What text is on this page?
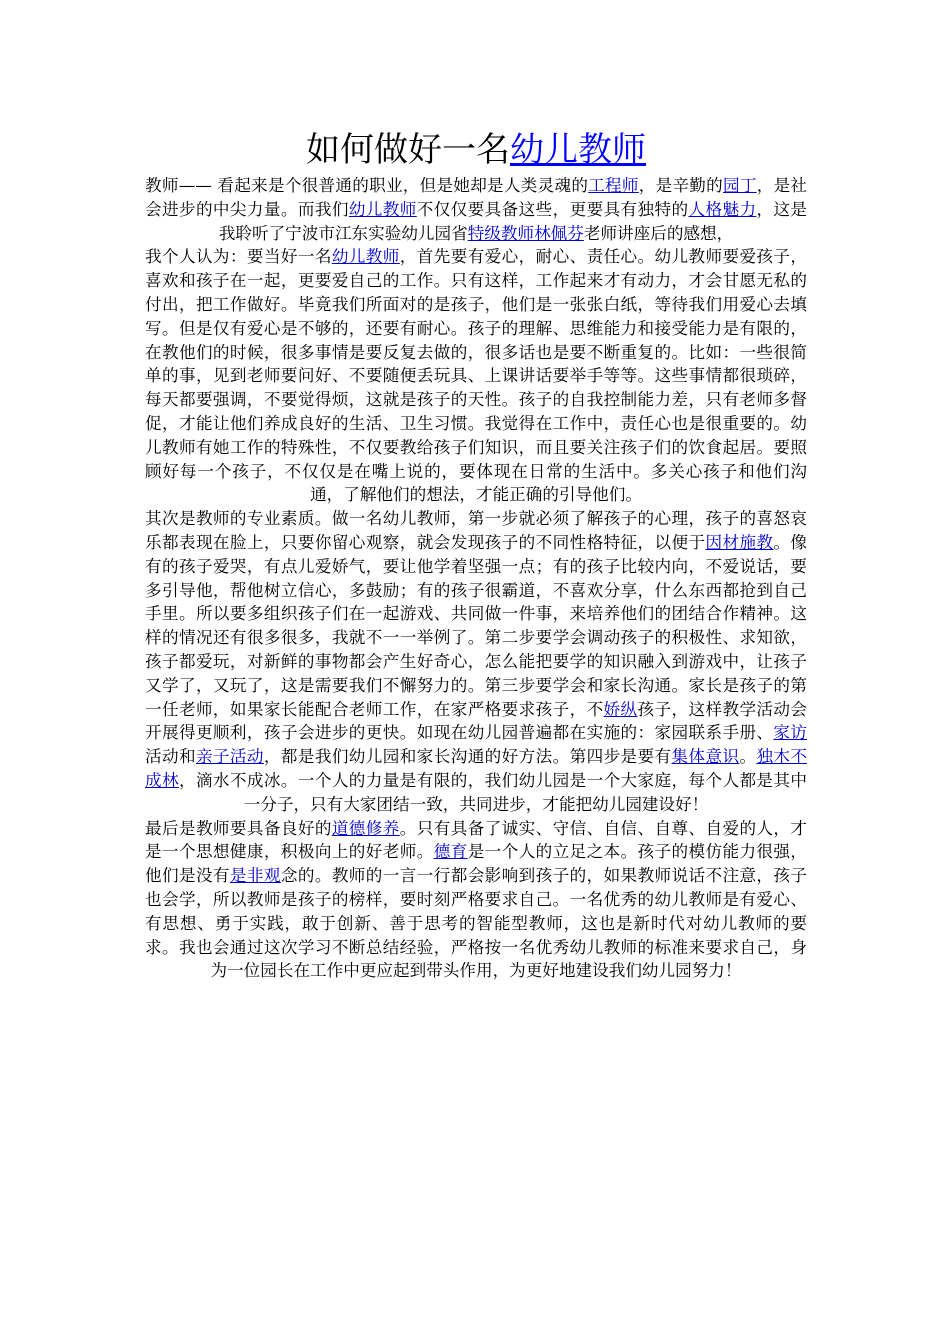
如何做好一名幼儿教师

教师—— 看起来是个很普通的职业，但是她却是人类灵魂的工程师，是辛勤的园丁，是社会进步的中尖力量。而我们幼儿教师不仅仅要具备这些，更要具有独特的人格魅力，这是我聆听了宁波市江东实验幼儿园省特级教师林佩芬老师讲座后的感想，

我个人认为：要当好一名幼儿教师，首先要有爱心，耐心、责任心。幼儿教师要爱孩子，喜欢和孩子在一起，更要爱自己的工作。只有这样，工作起来才有动力，才会甘愿无私的付出，把工作做好。毕竟我们所面对的是孩子，他们是一张张白纸，等待我们用爱心去填写。但是仅有爱心是不够的，还要有耐心。孩子的理解、思维能力和接受能力是有限的，在教他们的时候，很多事情是要反复去做的，很多话也是要不断重复的。比如：一些很简单的事，见到老师要问好、不要随便丢玩具、上课讲话要举手等等。这些事情都很琐碎，每天都要强调，不要觉得烦，这就是孩子的天性。孩子的自我控制能力差，只有老师多督促，才能让他们养成良好的生活、卫生习惯。我觉得在工作中，责任心也是很重要的。幼儿教师有她工作的特殊性，不仅要教给孩子们知识，而且要关注孩子们的饮食起居。要照顾好每一个孩子，不仅仅是在嘴上说的，要体现在日常的生活中。多关心孩子和他们沟通，了解他们的想法，才能正确的引导他们。

其次是教师的专业素质。做一名幼儿教师，第一步就必须了解孩子的心理，孩子的喜怒哀乐都表现在脸上，只要你留心观察，就会发现孩子的不同性格特征，以便于因材施教。像有的孩子爱哭，有点儿爱娇气，要让他学着坚强一点；有的孩子比较内向，不爱说话，要多引导他，帮他树立信心，多鼓励；有的孩子很霸道，不喜欢分享，什么东西都抢到自己手里。所以要多组织孩子们在一起游戏、共同做一件事，来培养他们的团结合作精神。这样的情况还有很多很多，我就不一一举例了。第二步要学会调动孩子的积极性、求知欲，孩子都爱玩，对新鲜的事物都会产生好奇心，怎么能把要学的知识融入到游戏中，让孩子又学了，又玩了，这是需要我们不懈努力的。第三步要学会和家长沟通。家长是孩子的第一任老师，如果家长能配合老师工作，在家严格要求孩子，不娇纵孩子，这样教学活动会开展得更顺利，孩子会进步的更快。如现在幼儿园普遍都在实施的：家园联系手册、家访活动和亲子活动，都是我们幼儿园和家长沟通的好方法。第四步是要有集体意识。独木不成林，滴水不成冰。一个人的力量是有限的，我们幼儿园是一个大家庭，每个人都是其中一分子，只有大家团结一致，共同进步，才能把幼儿园建设好！

最后是教师要具备良好的道德修养。只有具备了诚实、守信、自信、自尊、自爱的人，才是一个思想健康，积极向上的好老师。德育是一个人的立足之本。孩子的模仿能力很强，他们是没有是非观念的。教师的一言一行都会影响到孩子的，如果教师说话不注意，孩子也会学，所以教师是孩子的榜样，要时刻严格要求自己。一名优秀的幼儿教师是有爱心、有思想、勇于实践，敢于创新、善于思考的智能型教师，这也是新时代对幼儿教师的要求。我也会通过这次学习不断总结经验，严格按一名优秀幼儿教师的标准来要求自己，身为一位园长在工作中更应起到带头作用，为更好地建设我们幼儿园努力！
